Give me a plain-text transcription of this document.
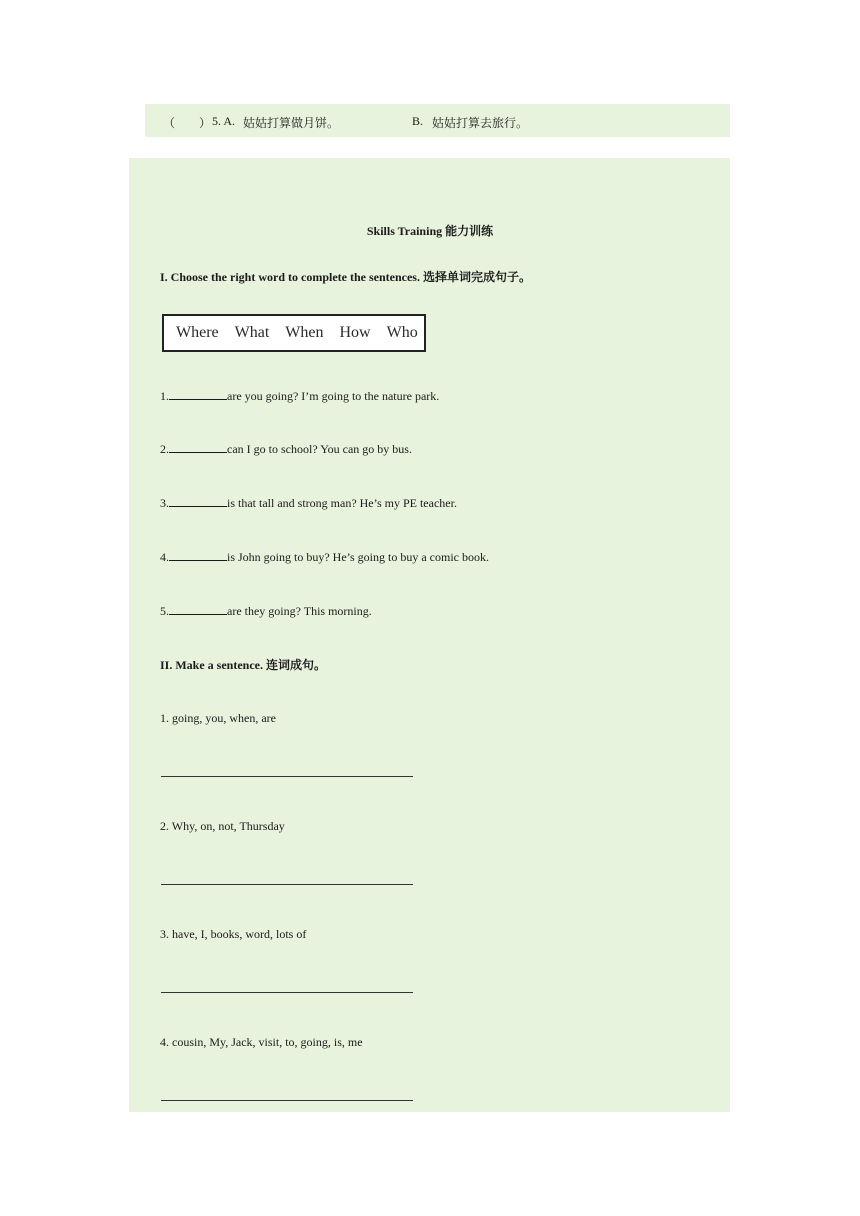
（ ） 5. A. 姑姑打算做月饼。	B. 姑姑打算去旅行。
Skills Training 能力训练
I. Choose the right word to complete the sentences. 选择单词完成句子。
Where What When How Who
1.	are you going? I’m going to the nature park.
2.	can I go to school? You can go by bus.
3.	is that tall and strong man? He’s my PE teacher.
4.	is John going to buy? He’s going to buy a comic book.
5.	are they going? This morning.
II. Make a sentence. 连词成句。
1. going, you, when, are
2. Why, on, not, Thursday
3. have, I, books, word, lots of
4. cousin, My, Jack, visit, to, going, is, me
